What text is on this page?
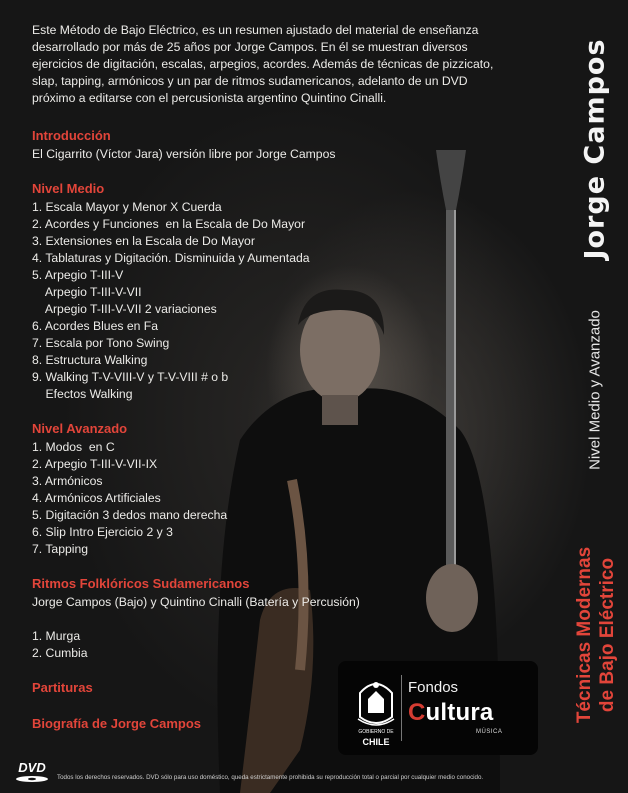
Este Método de Bajo Eléctrico, es un resumen ajustado del material de enseñanza desarrollado por más de 25 años por Jorge Campos. En él se muestran diversos ejercicios de digitación, escalas, arpegios, acordes. Además de técnicas de pizzicato, slap, tapping, armónicos y un par de ritmos sudamericanos, adelanto de un DVD próximo a editarse con el percusionista argentino Quintino Cinalli.

Introducción
El Cigarrito (Víctor Jara) versión libre por Jorge Campos
Nivel Medio
1. Escala Mayor y Menor X Cuerda
2. Acordes y Funciones  en la Escala de Do Mayor
3. Extensiones en la Escala de Do Mayor
4. Tablaturas y Digitación. Disminuida y Aumentada
5. Arpegio T-III-V
Arpegio T-III-V-VII
Arpegio T-III-V-VII 2 variaciones
6. Acordes Blues en Fa
7. Escala por Tono Swing
8. Estructura Walking
9. Walking T-V-VIII-V y T-V-VIII # o b
Efectos Walking
Nivel Avanzado
1. Modos  en C
2. Arpegio T-III-V-VII-IX
3. Armónicos
4. Armónicos Artificiales
5. Digitación 3 dedos mano derecha
6. Slip Intro Ejercicio 2 y 3
7. Tapping
Ritmos Folklóricos Sudamericanos
Jorge Campos (Bajo) y Quintino Cinalli (Batería y Percusión)
1. Murga
2. Cumbia
Partituras
Biografía de Jorge Campos
Jorge Campos
Nivel Medio y Avanzado
Técnicas Modernas de Bajo Eléctrico
GOBIERNO DE
CHILE
Fondos
Cultura
MÚSICA
DVD
Todos los derechos reservados. DVD sólo para uso doméstico, queda estrictamente prohibida su reproducción total o parcial por cualquier medio conocido.
